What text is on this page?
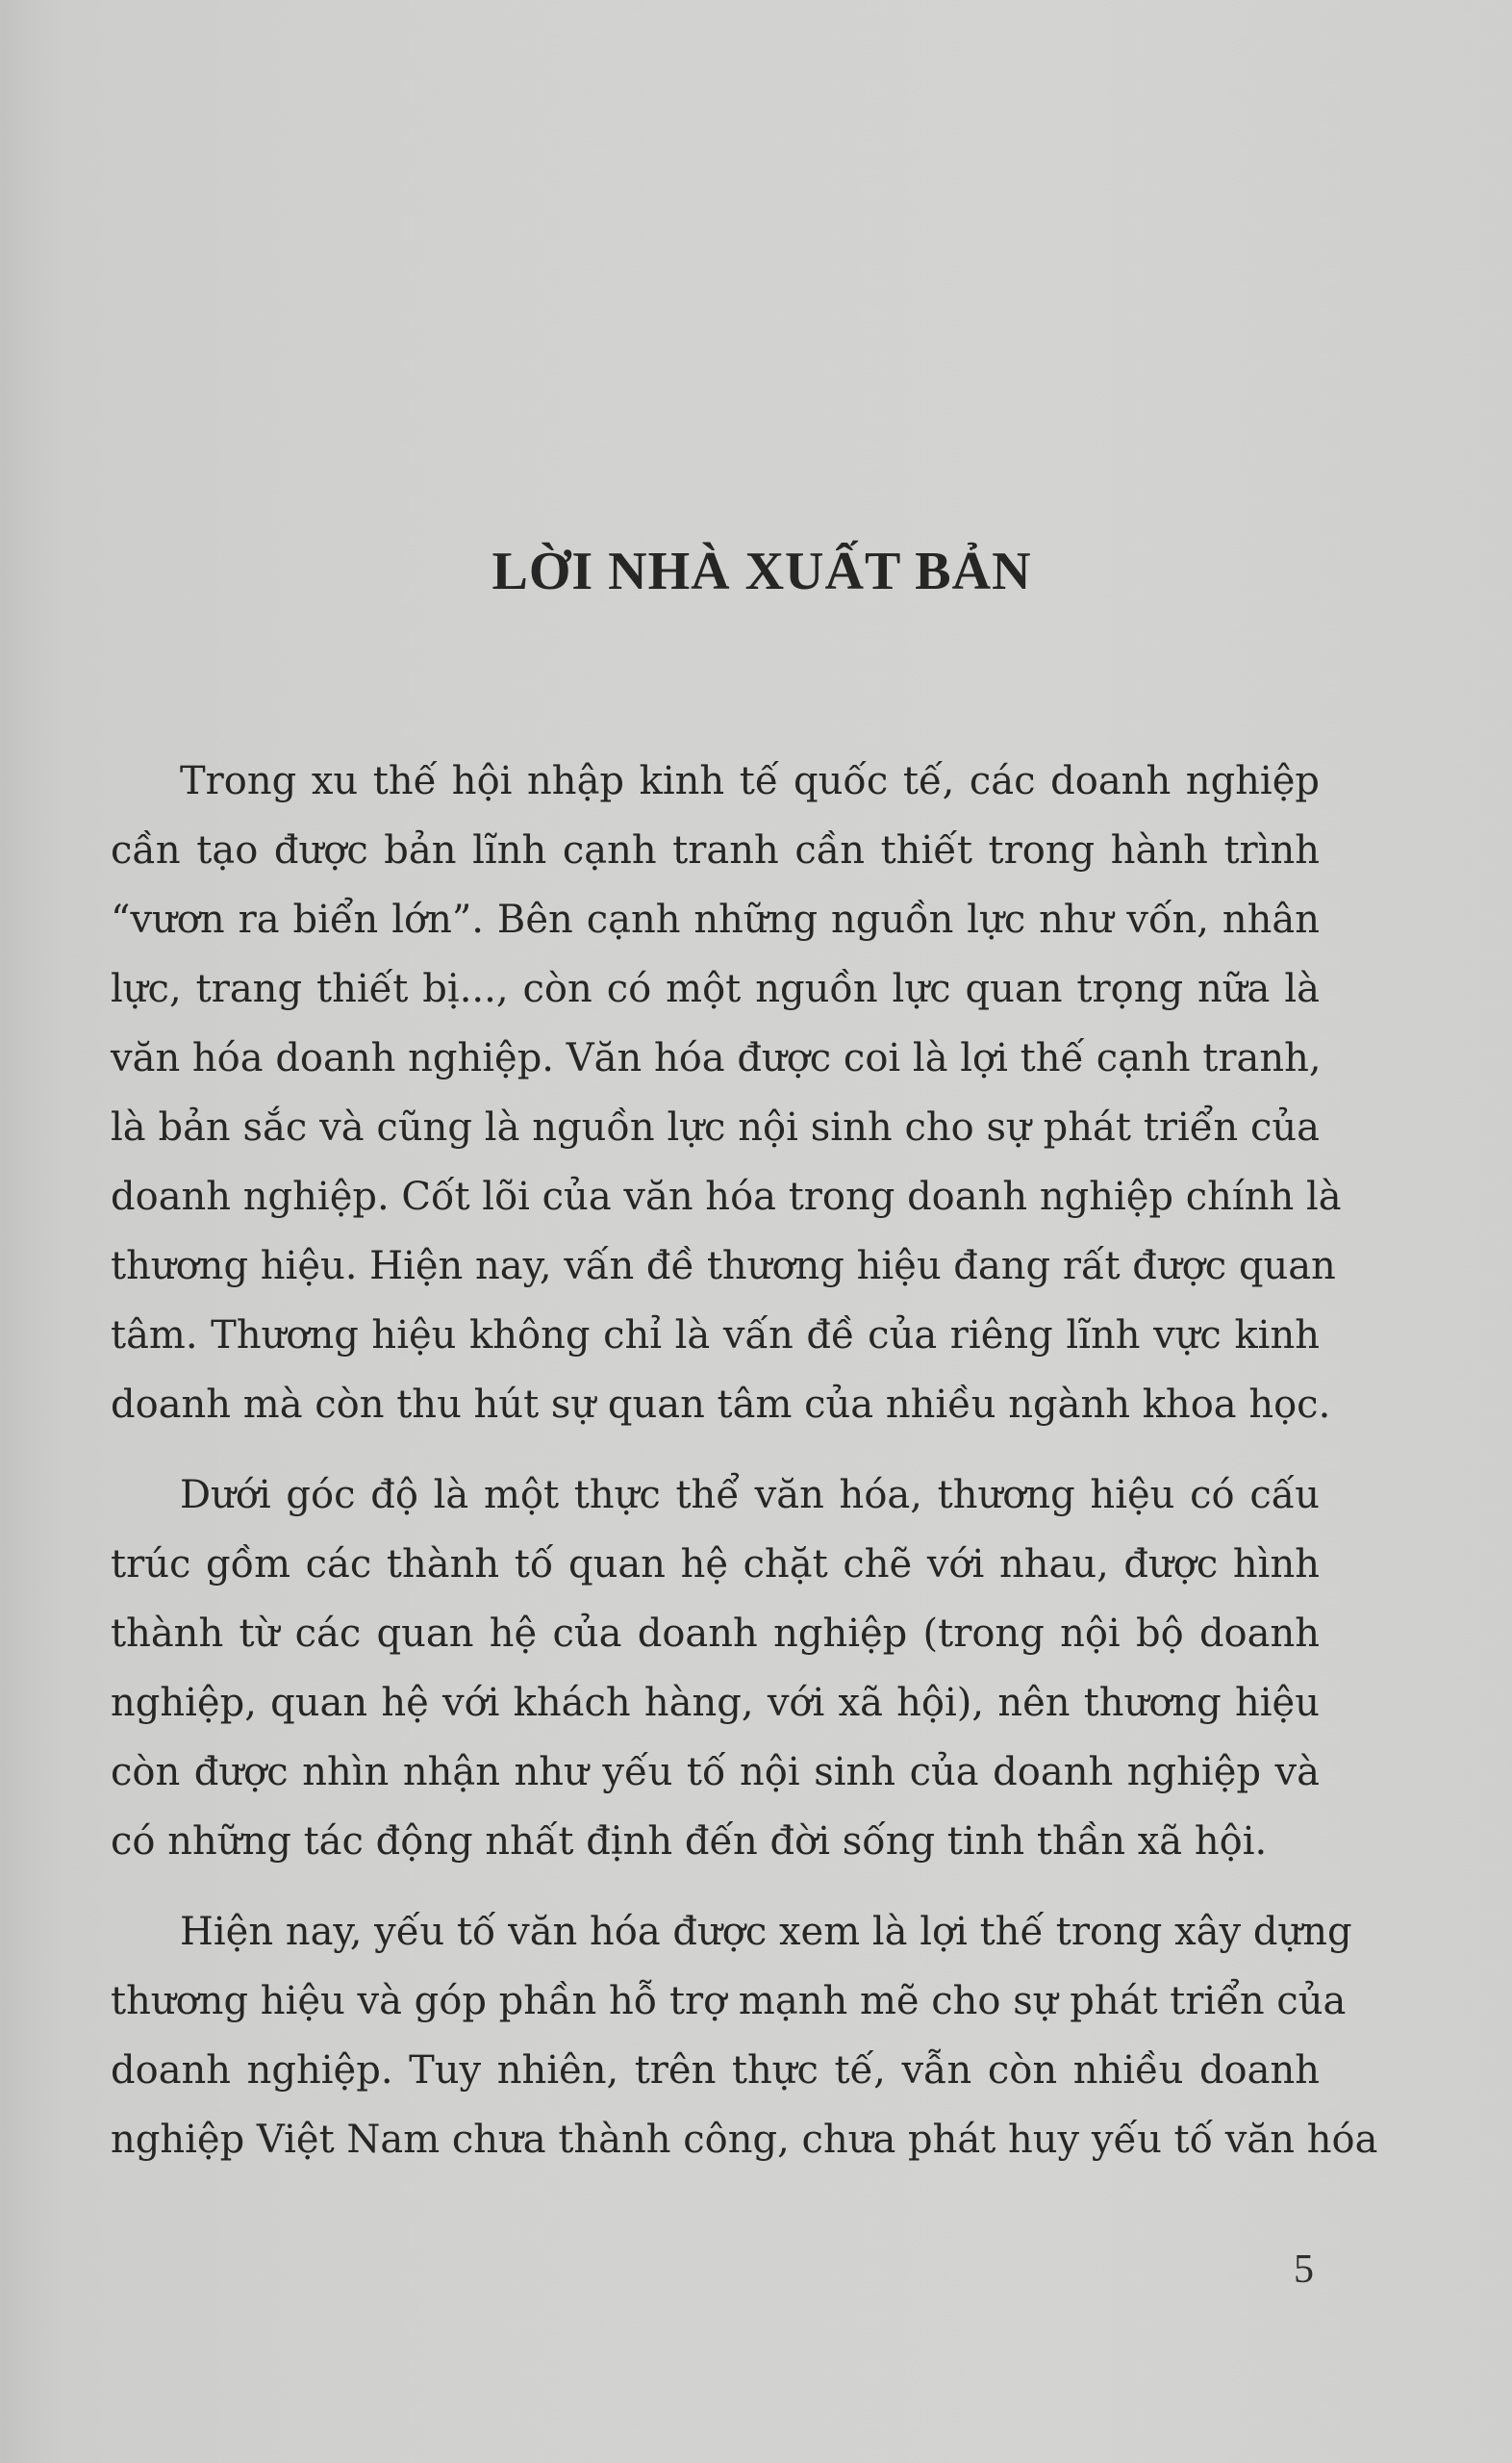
LỜI NHÀ XUẤT BẢN
Trong xu thế hội nhập kinh tế quốc tế, các doanh nghiệp
cần tạo được bản lĩnh cạnh tranh cần thiết trong hành trình
“vươn ra biển lớn”. Bên cạnh những nguồn lực như vốn, nhân
lực, trang thiết bị..., còn có một nguồn lực quan trọng nữa là
văn hóa doanh nghiệp. Văn hóa được coi là lợi thế cạnh tranh,
là bản sắc và cũng là nguồn lực nội sinh cho sự phát triển của
doanh nghiệp. Cốt lõi của văn hóa trong doanh nghiệp chính là
thương hiệu. Hiện nay, vấn đề thương hiệu đang rất được quan
tâm. Thương hiệu không chỉ là vấn đề của riêng lĩnh vực kinh
doanh mà còn thu hút sự quan tâm của nhiều ngành khoa học.
Dưới góc độ là một thực thể văn hóa, thương hiệu có cấu
trúc gồm các thành tố quan hệ chặt chẽ với nhau, được hình
thành từ các quan hệ của doanh nghiệp (trong nội bộ doanh
nghiệp, quan hệ với khách hàng, với xã hội), nên thương hiệu
còn được nhìn nhận như yếu tố nội sinh của doanh nghiệp và
có những tác động nhất định đến đời sống tinh thần xã hội.
Hiện nay, yếu tố văn hóa được xem là lợi thế trong xây dựng
thương hiệu và góp phần hỗ trợ mạnh mẽ cho sự phát triển của
doanh nghiệp. Tuy nhiên, trên thực tế, vẫn còn nhiều doanh
nghiệp Việt Nam chưa thành công, chưa phát huy yếu tố văn hóa
5
